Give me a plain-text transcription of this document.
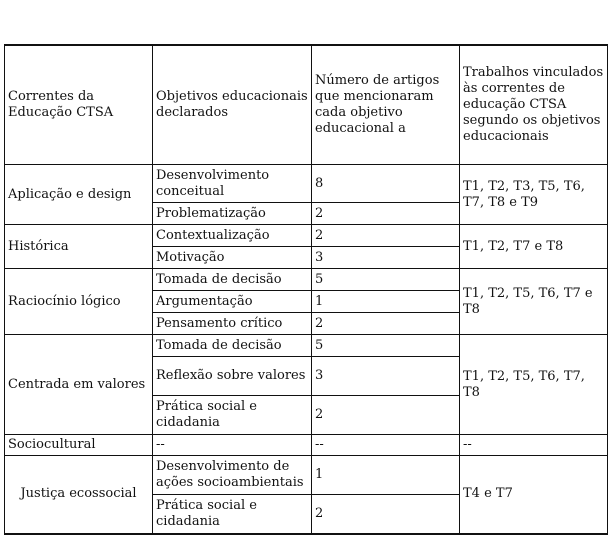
Correntes da Educação CTSA	Objetivos educacionais declarados	Número de artigos que mencionaram cada objetivo educacional a	Trabalhos vinculados às correntes de educação CTSA segundo os objetivos educacionais
Aplicação e design	Desenvolvimento conceitual	8	T1, T2, T3, T5, T6, T7, T8 e T9
	Problematização	2	
Histórica	Contextualização	2	T1, T2, T7 e T8
	Motivação	3	
Raciocínio lógico	Tomada de decisão	5	T1, T2, T5, T6, T7 e T8
	Argumentação	1	
	Pensamento crítico	2	
Centrada em valores	Tomada de decisão	5	T1, T2, T5, T6, T7, T8
	Reflexão sobre valores	3	
	Prática social e cidadania	2	
Sociocultural	--	--	--
Justiça ecossocial	Desenvolvimento de ações socioambientais	1	T4 e T7
	Prática social e cidadania	2	
